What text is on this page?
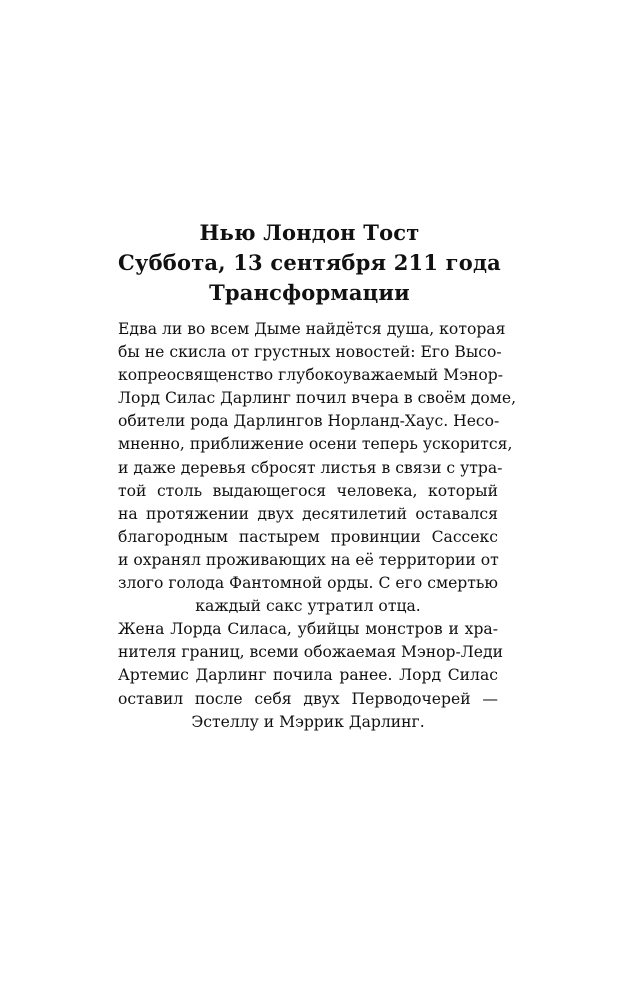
Нью Лондон Тост
Суббота, 13 сентября 211 года
Трансформации
Едва ли во всем Дыме найдётся душа, которая
бы не скисла от грустных новостей: Его Высо-
копреосвященство глубокоуважаемый Мэнор-
Лорд Силас Дарлинг почил вчера в своём доме,
обители рода Дарлингов Норланд-Хаус. Несо-
мненно, приближение осени теперь ускорится,
и даже деревья сбросят листья в связи с утра-
той столь выдающегося человека, который
на протяжении двух десятилетий оставался
благородным пастырем провинции Сассекс
и охранял проживающих на её территории от
злого голода Фантомной орды. С его смертью
каждый сакс утратил отца.
Жена Лорда Силаса, убийцы монстров и хра-
нителя границ, всеми обожаемая Мэнор-Леди
Артемис Дарлинг почила ранее. Лорд Силас
оставил после себя двух Перводочерей —
Эстеллу и Мэррик Дарлинг.
